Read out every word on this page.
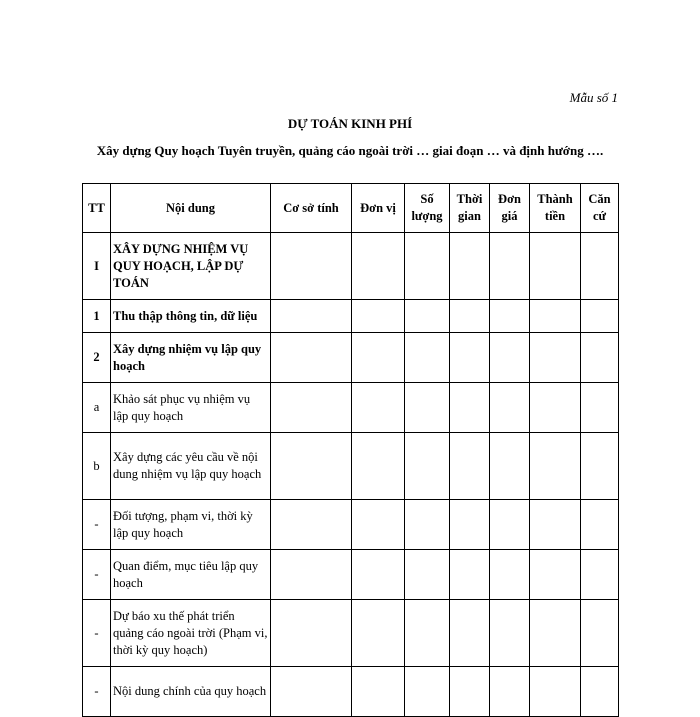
Mẫu số 1
DỰ TOÁN KINH PHÍ
Xây dựng Quy hoạch Tuyên truyền, quảng cáo ngoài trời … giai đoạn … và định hướng ….
TT	Nội dung	Cơ sở tính	Đơn vị	Số lượng	Thời gian	Đơn giá	Thành tiền	Căn cứ
I	XÂY DỰNG NHIỆM VỤ QUY HOẠCH, LẬP DỰ TOÁN							
1	Thu thập thông tin, dữ liệu							
2	Xây dựng nhiệm vụ lập quy hoạch							
a	Khảo sát phục vụ nhiệm vụ lập quy hoạch							
b	Xây dựng các yêu cầu về nội dung nhiệm vụ lập quy hoạch							
-	Đối tượng, phạm vi, thời kỳ lập quy hoạch							
-	Quan điểm, mục tiêu lập quy hoạch							
-	Dự báo xu thế phát triển quảng cáo ngoài trời (Phạm vi, thời kỳ quy hoạch)							
-	Nội dung chính của quy hoạch							
